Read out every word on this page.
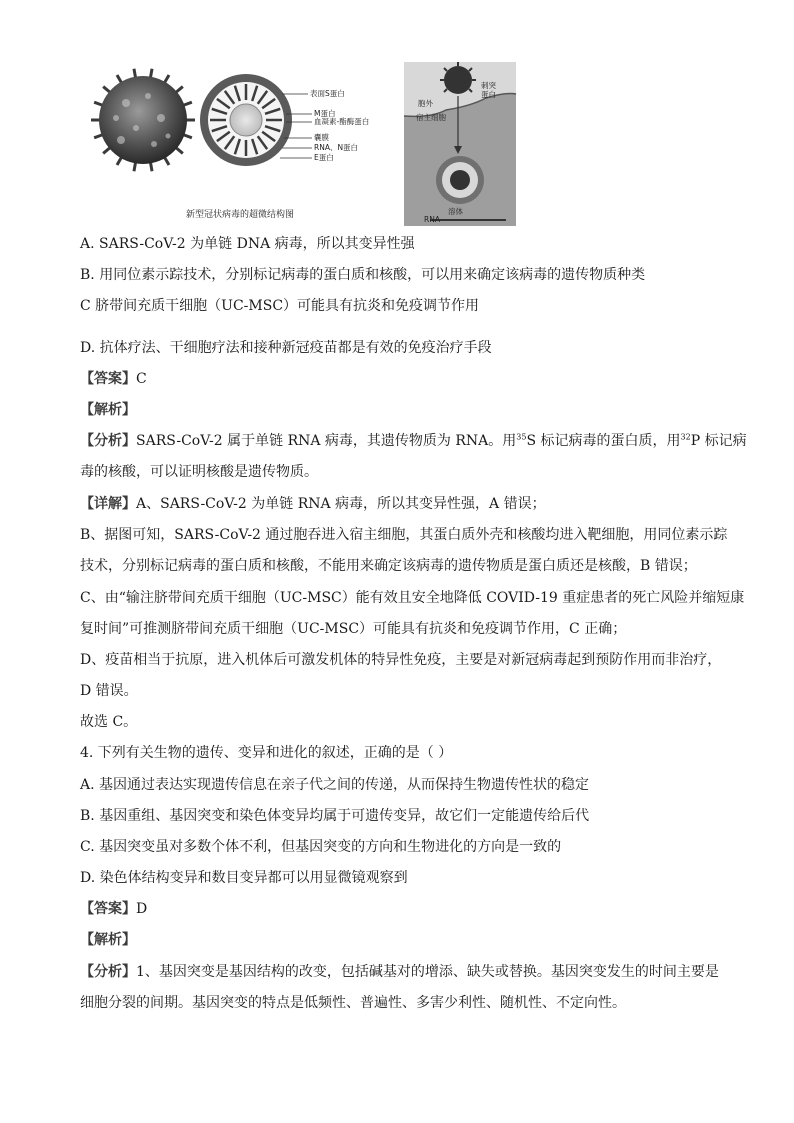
表面S蛋白
M蛋白
血凝素-酯酶蛋白
囊膜
RNA、N蛋白
E蛋白
刺突
蛋白
胞外
宿主细胞
溶体
RNA
新型冠状病毒的超微结构图
A. SARS-CoV-2 为单链 DNA 病毒，所以其变异性强
B. 用同位素示踪技术，分别标记病毒的蛋白质和核酸，可以用来确定该病毒的遗传物质种类
C 脐带间充质干细胞（UC-MSC）可能具有抗炎和免疫调节作用
D. 抗体疗法、干细胞疗法和接种新冠疫苗都是有效的免疫治疗手段
【答案】C
【解析】
【分析】SARS-CoV-2 属于单链 RNA 病毒，其遗传物质为 RNA。用$^{35}$S 标记病毒的蛋白质，用$^{32}$P 标记病
毒的核酸，可以证明核酸是遗传物质。
【详解】A、SARS-CoV-2 为单链 RNA 病毒，所以其变异性强，A 错误；
B、据图可知，SARS-CoV-2 通过胞吞进入宿主细胞，其蛋白质外壳和核酸均进入靶细胞，用同位素示踪
技术，分别标记病毒的蛋白质和核酸，不能用来确定该病毒的遗传物质是蛋白质还是核酸，B 错误；
C、由“输注脐带间充质干细胞（UC-MSC）能有效且安全地降低 COVID-19 重症患者的死亡风险并缩短康
复时间”可推测脐带间充质干细胞（UC-MSC）可能具有抗炎和免疫调节作用，C 正确；
D、疫苗相当于抗原，进入机体后可激发机体的特异性免疫，主要是对新冠病毒起到预防作用而非治疗，
D 错误。
故选 C。
4. 下列有关生物的遗传、变异和进化的叙述，正确的是（ ）
A. 基因通过表达实现遗传信息在亲子代之间的传递，从而保持生物遗传性状的稳定
B. 基因重组、基因突变和染色体变异均属于可遗传变异，故它们一定能遗传给后代
C. 基因突变虽对多数个体不利，但基因突变的方向和生物进化的方向是一致的
D. 染色体结构变异和数目变异都可以用显微镜观察到
【答案】D
【解析】
【分析】1、基因突变是基因结构的改变，包括碱基对的增添、缺失或替换。基因突变发生的时间主要是
细胞分裂的间期。基因突变的特点是低频性、普遍性、多害少利性、随机性、不定向性。
